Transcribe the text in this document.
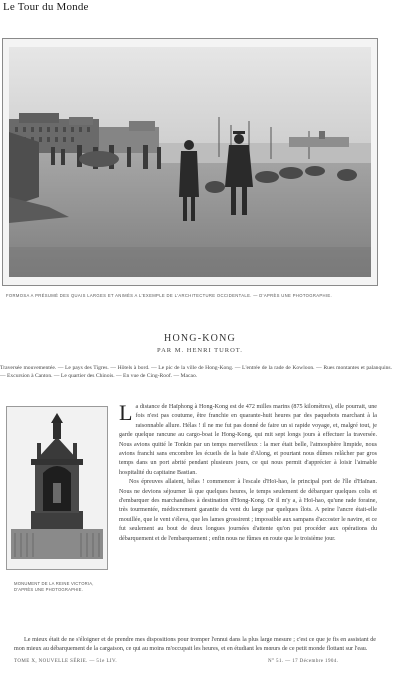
Le Tour du Monde
FORMOSA A PRÉSUMÉ DES QUAIS LARGES ET ANIMÉS A L'EXEMPLE DE L'ARCHITECTURE OCCIDENTALE. — D'APRÈS UNE PHOTOGRAPHIE.
HONG-KONG
PAR M. HENRI TUROT.
Traversée mouvementée. — Le pays des Tigres. — Hôtels à bord. — Le pic de la ville de Hong-Kong. — L'entrée de la rade de Kowloon. — Rues montantes et palanquins. — Excursion à Canton. — Le quartier des Chinois. — En vue de Cing-Roof. — Macao.
MONUMENT DE LA REINE VICTORIA, D'APRÈS UNE PHOTOGRAPHIE.

La distance de Haïphong à Hong-Kong est de 472 milles marins (875 kilomètres), elle pourrait, une fois n'est pas coutume, être franchie en quarante-huit heures par des paquebots marchant à la raisonnable allure. Hélas ! il ne me fut pas donné de faire un si rapide voyage, et, malgré tout, je garde quelque rancune au cargo-boat le Hong-Kong, qui mit sept longs jours à effectuer la traversée. Nous avions quitté le Tonkin par un temps merveilleux : la mer était belle, l'atmosphère limpide, nous avions franchi sans encombre les écueils de la baie d'Along, et pourtant nous dûmes relâcher par gros temps dans un port abrité pendant plusieurs jours, ce qui nous permit d'apprécier à loisir l'aimable hospitalité du capitaine Bastian.

Nos épreuves allaient, hélas ! commencer à l'escale d'Hoï-hao, le principal port de l'île d'Haïnan. Nous ne devions séjourner là que quelques heures, le temps seulement de débarquer quelques colis et d'embarquer des marchandises à destination d'Hong-Kong. Or il m'y a, à Hoï-hao, qu'une rade foraine, très tourmentée, médiocrement garantie du vent du large par quelques îlots. A peine l'ancre était-elle mouillée, que le vent s'éleva, que les lames grossirent ; impossible aux sampans d'accoster le navire, et ce fut seulement au bout de deux longues journées d'attente qu'on put procéder aux opérations du débarquement et de l'embarquement ; enfin nous ne fûmes en route que le troisième jour.

Le mieux était de ne s'éloigner et de prendre mes dispositions pour tromper l'ennui dans la plus large mesure ; c'est ce que je fis en assistant de mon mieux au débarquement de la cargaison, ce qui au moins m'occupait les heures, et en étudiant les mœurs de ce petit monde flottant sur l'eau.

TOME X, NOUVELLE SÉRIE. — 51e LIV.	N° 51. — 17 Décembre 1904.
